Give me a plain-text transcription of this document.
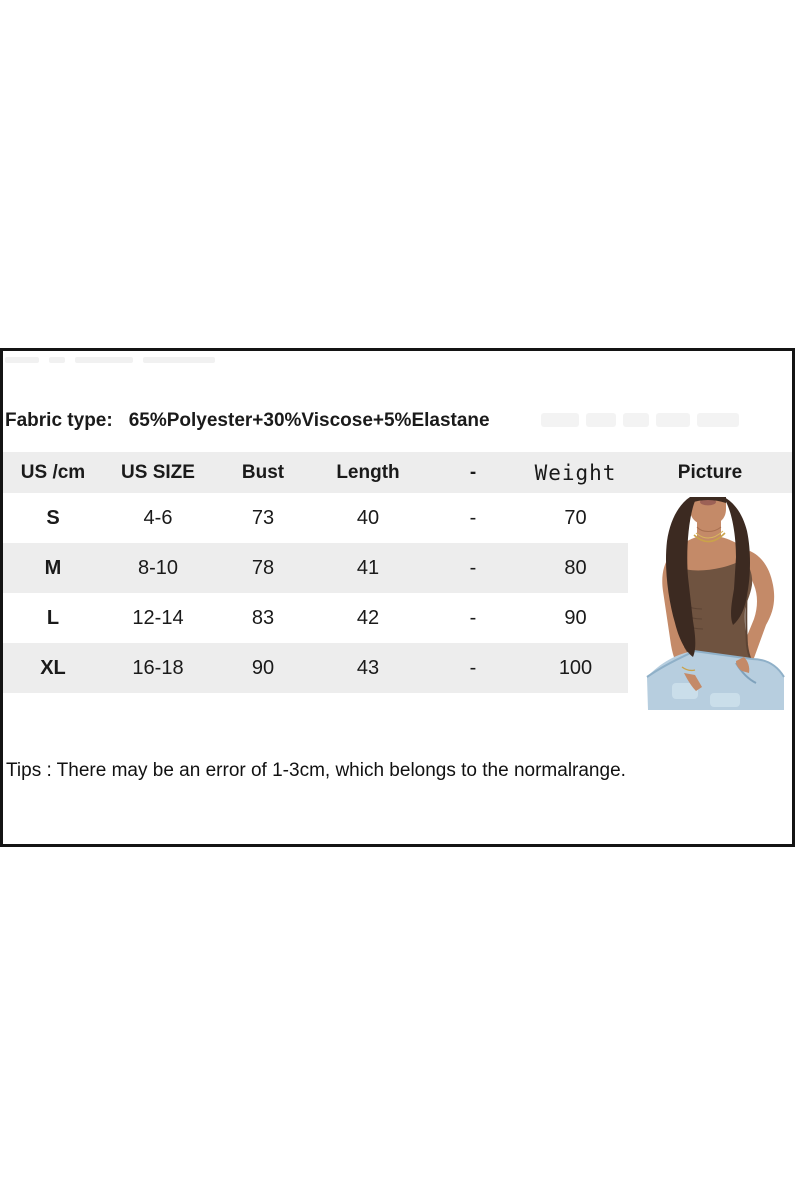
Fabric type: 65%Polyester+30%Viscose+5%Elastane
US /cm	US SIZE	Bust	Length	-	Weight	Picture
S	4-6	73	40	-	70
M	8-10	78	41	-	80
L	12-14	83	42	-	90
XL	16-18	90	43	-	100
Tips : There may be an error of 1-3cm, which belongs to the normalrange.
